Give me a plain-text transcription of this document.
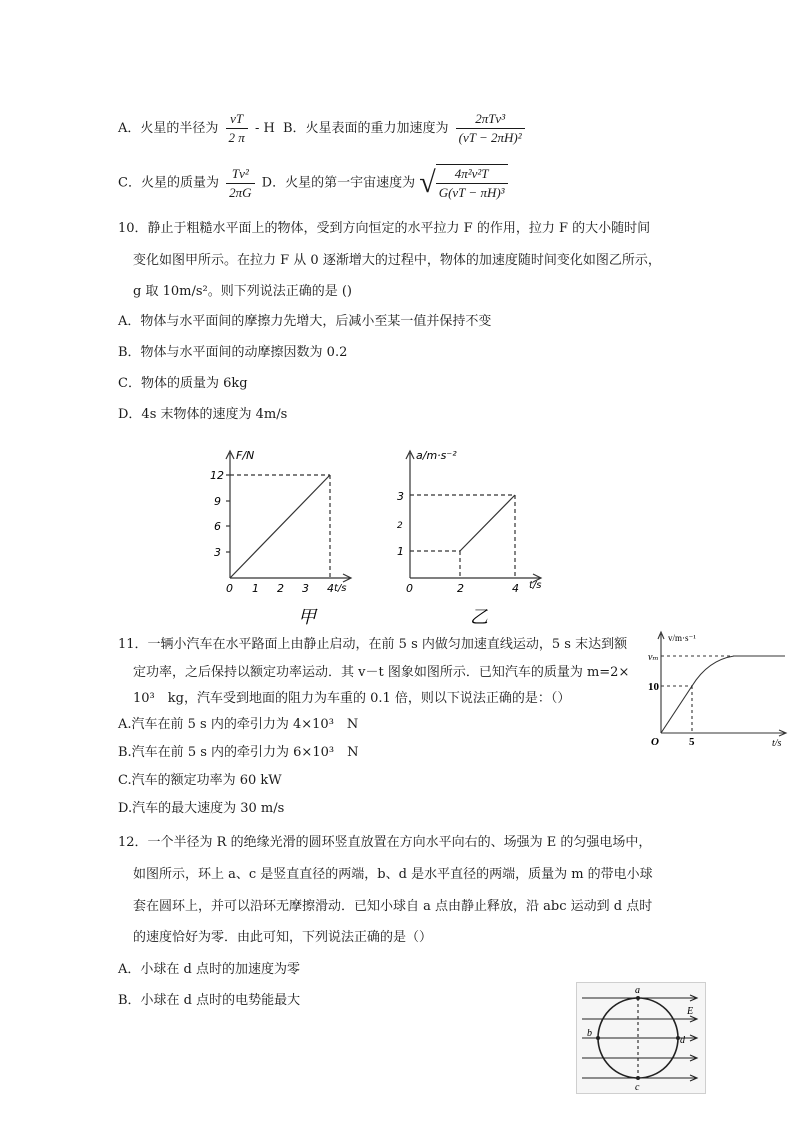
A．火星的半径为 $\frac{vT}{2 \pi}$ - H B．火星表面的重力加速度为 $\frac{\text{2πTv³}}{\text{(vT − 2πH)²}}$
C．火星的质量为 $\frac{\text{Tv²}}{2\pi G}$ D．火星的第一宇宙速度为 √ $\frac{\text{4π²v²T}}{\text{G(vT − πH)³}}$
10．静止于粗糙水平面上的物体，受到方向恒定的水平拉力 F 的作用，拉力 F 的大小随时间
变化如图甲所示。在拉力 F 从 0 逐渐增大的过程中，物体的加速度随时间变化如图乙所示，
g 取 10m/s²。则下列说法正确的是 ()
A．物体与水平面间的摩擦力先增大，后减小至某一值并保持不变
B．物体与水平面间的动摩擦因数为 0.2
C．物体的质量为 6kg
D．4s 末物体的速度为 4m/s
F/N
t/s
3
6
9
12
0 1 2 3 4
甲
a/m·s⁻²
t/s
1
2
3
0	2	4
乙
11．一辆小汽车在水平路面上由静止启动，在前 5 s 内做匀加速直线运动，5 s 末达到额
定功率，之后保持以额定功率运动．其 v－t 图象如图所示．已知汽车的质量为 m=2×
10³　kg，汽车受到地面的阻力为车重的 0.1 倍，则以下说法正确的是：（）
A.汽车在前 5 s 内的牵引力为 4×10³　N
B.汽车在前 5 s 内的牵引力为 6×10³　N
C.汽车的额定功率为 60 kW
D.汽车的最大速度为 30 m/s
v/m·s⁻¹
t/s
vₘ
10
O	5
12．一个半径为 R 的绝缘光滑的圆环竖直放置在方向水平向右的、场强为 E 的匀强电场中，
如图所示，环上 a、c 是竖直直径的两端，b、d 是水平直径的两端，质量为 m 的带电小球
套在圆环上，并可以沿环无摩擦滑动．已知小球自 a 点由静止释放，沿 abc 运动到 d 点时
的速度恰好为零．由此可知，下列说法正确的是（）
A．小球在 d 点时的加速度为零
B．小球在 d 点时的电势能最大
a
b
d
c
E
